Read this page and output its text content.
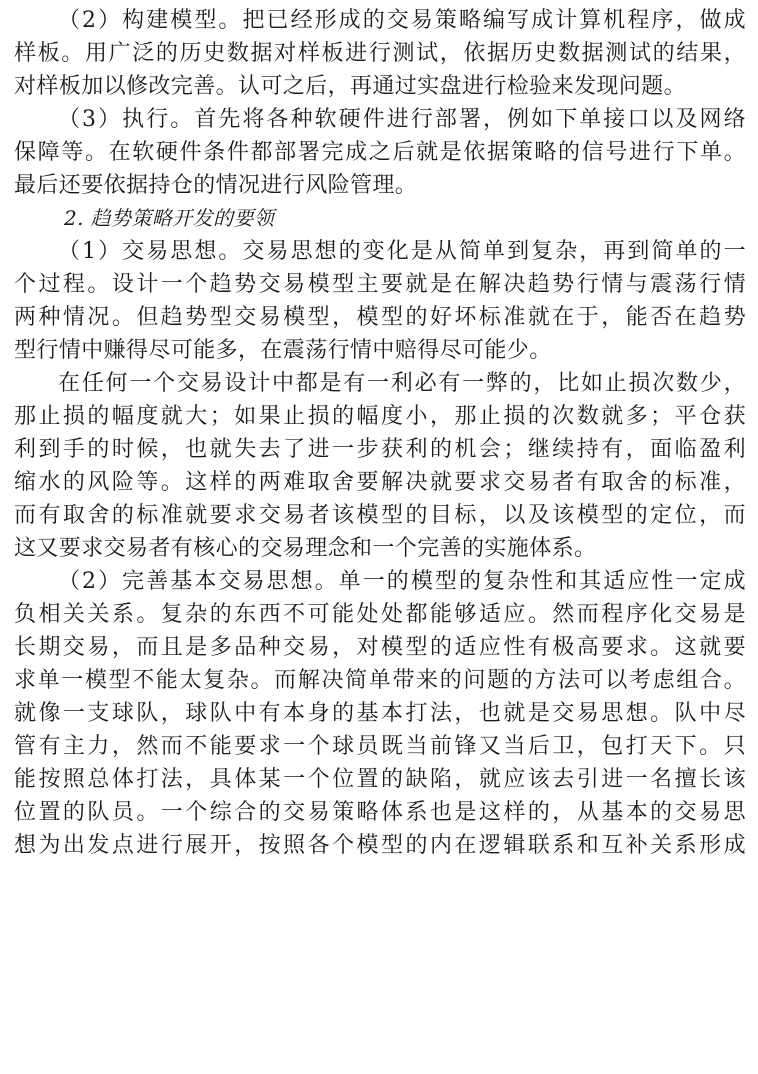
（2）构建模型。把已经形成的交易策略编写成计算机程序，做成
样板。用广泛的历史数据对样板进行测试，依据历史数据测试的结果，
对样板加以修改完善。认可之后，再通过实盘进行检验来发现问题。
（3）执行。首先将各种软硬件进行部署，例如下单接口以及网络
保障等。在软硬件条件都部署完成之后就是依据策略的信号进行下单。
最后还要依据持仓的情况进行风险管理。
2. 趋势策略开发的要领
（1）交易思想。交易思想的变化是从简单到复杂，再到简单的一
个过程。设计一个趋势交易模型主要就是在解决趋势行情与震荡行情
两种情况。但趋势型交易模型，模型的好坏标准就在于，能否在趋势
型行情中赚得尽可能多，在震荡行情中赔得尽可能少。
在任何一个交易设计中都是有一利必有一弊的，比如止损次数少，
那止损的幅度就大；如果止损的幅度小，那止损的次数就多；平仓获
利到手的时候，也就失去了进一步获利的机会；继续持有，面临盈利
缩水的风险等。这样的两难取舍要解决就要求交易者有取舍的标准，
而有取舍的标准就要求交易者该模型的目标，以及该模型的定位，而
这又要求交易者有核心的交易理念和一个完善的实施体系。
（2）完善基本交易思想。单一的模型的复杂性和其适应性一定成
负相关关系。复杂的东西不可能处处都能够适应。然而程序化交易是
长期交易，而且是多品种交易，对模型的适应性有极高要求。这就要
求单一模型不能太复杂。而解决简单带来的问题的方法可以考虑组合。
就像一支球队，球队中有本身的基本打法，也就是交易思想。队中尽
管有主力，然而不能要求一个球员既当前锋又当后卫，包打天下。只
能按照总体打法，具体某一个位置的缺陷，就应该去引进一名擅长该
位置的队员。一个综合的交易策略体系也是这样的，从基本的交易思
想为出发点进行展开，按照各个模型的内在逻辑联系和互补关系形成
